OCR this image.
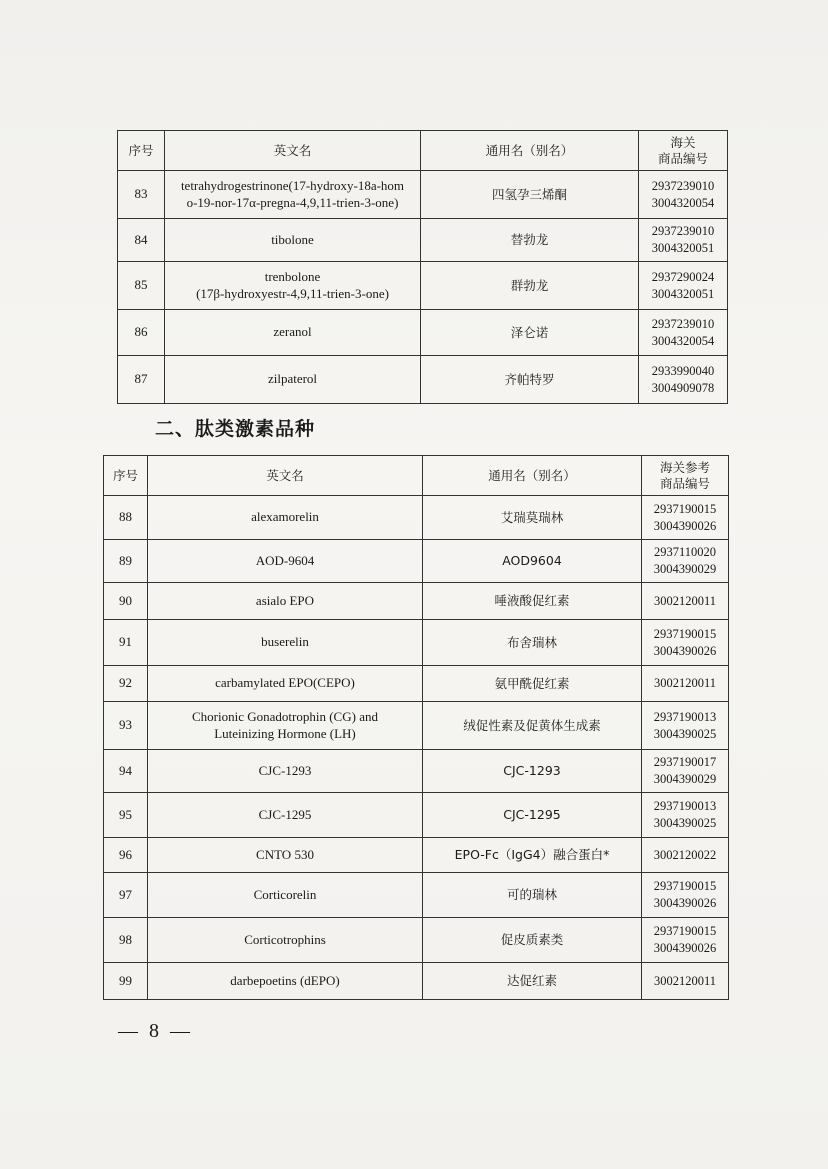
序号	英文名	通用名（别名）	海关
商品编号
83	tetrahydrogestrinone(17-hydroxy-18a-hom
o-19-nor-17α-pregna-4,9,11-trien-3-one)	四氢孕三烯酮	2937239010
3004320054
84	tibolone	替勃龙	2937239010
3004320051
85	trenbolone
(17β-hydroxyestr-4,9,11-trien-3-one)	群勃龙	2937290024
3004320051
86	zeranol	泽仑诺	2937239010
3004320054
87	zilpaterol	齐帕特罗	2933990040
3004909078
二、肽类激素品种
序号	英文名	通用名（别名）	海关参考
商品编号
88	alexamorelin	艾瑞莫瑞林	2937190015
3004390026
89	AOD-9604	AOD9604	2937110020
3004390029
90	asialo EPO	唾液酸促红素	3002120011
91	buserelin	布舍瑞林	2937190015
3004390026
92	carbamylated EPO(CEPO)	氨甲酰促红素	3002120011
93	Chorionic Gonadotrophin (CG) and
Luteinizing Hormone (LH)	绒促性素及促黄体生成素	2937190013
3004390025
94	CJC-1293	CJC-1293	2937190017
3004390029
95	CJC-1295	CJC-1295	2937190013
3004390025
96	CNTO 530	EPO-Fc（IgG4）融合蛋白*	3002120022
97	Corticorelin	可的瑞林	2937190015
3004390026
98	Corticotrophins	促皮质素类	2937190015
3004390026
99	darbepoetins (dEPO)	达促红素	3002120011
— 8 —
